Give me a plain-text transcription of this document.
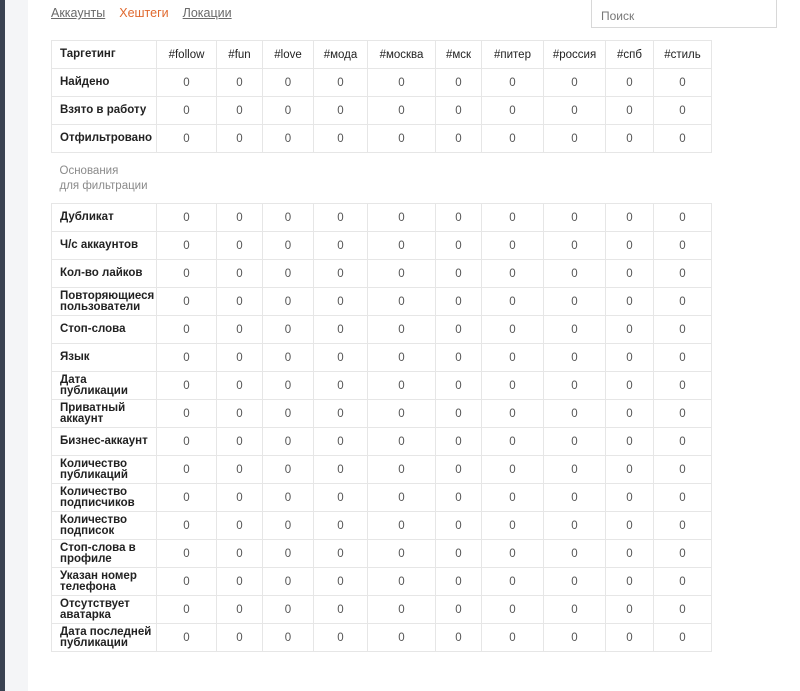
Аккаунты Хештеги Локации
Поиск
Таргетинг	#follow	#fun	#love	#мода	#москва	#мск	#питер	#россия	#спб	#стиль
Найдено	0	0	0	0	0	0	0	0	0	0
Взято в работу	0	0	0	0	0	0	0	0	0	0
Отфильтровано	0	0	0	0	0	0	0	0	0	0

Основания
для фильтрации										

Дубликат	0	0	0	0	0	0	0	0	0	0
Ч/с аккаунтов	0	0	0	0	0	0	0	0	0	0
Кол-во лайков	0	0	0	0	0	0	0	0	0	0
Повторяющиеся пользователи	0	0	0	0	0	0	0	0	0	0
Стоп-слова	0	0	0	0	0	0	0	0	0	0
Язык	0	0	0	0	0	0	0	0	0	0
Дата публикации	0	0	0	0	0	0	0	0	0	0
Приватный аккаунт	0	0	0	0	0	0	0	0	0	0
Бизнес-аккаунт	0	0	0	0	0	0	0	0	0	0
Количество публикаций	0	0	0	0	0	0	0	0	0	0
Количество подписчиков	0	0	0	0	0	0	0	0	0	0
Количество подписок	0	0	0	0	0	0	0	0	0	0
Стоп-слова в профиле	0	0	0	0	0	0	0	0	0	0
Указан номер телефона	0	0	0	0	0	0	0	0	0	0
Отсутствует аватарка	0	0	0	0	0	0	0	0	0	0
Дата последней публикации	0	0	0	0	0	0	0	0	0	0
